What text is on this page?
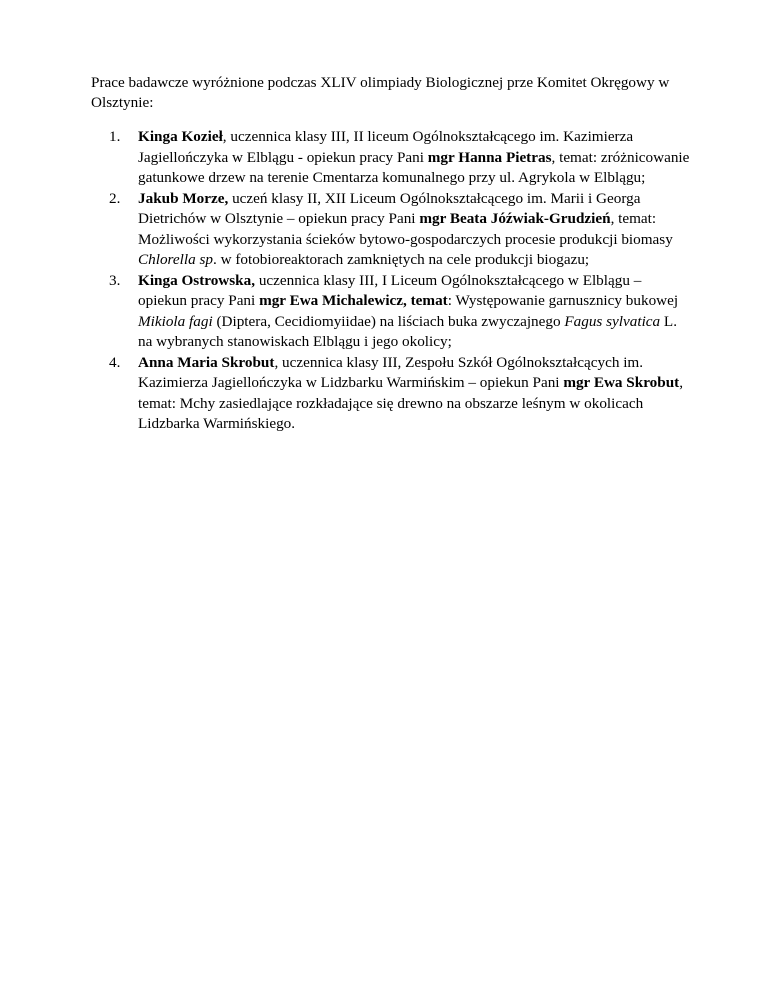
Prace badawcze wyróżnione podczas XLIV olimpiady Biologicznej prze Komitet Okręgowy w Olsztynie:

1. Kinga Kozieł, uczennica klasy III, II liceum Ogólnokształcącego im. Kazimierza Jagiellończyka w Elblągu - opiekun pracy Pani mgr Hanna Pietras, temat: zróżnicowanie gatunkowe drzew na terenie Cmentarza komunalnego przy ul. Agrykola w Elblągu;
2. Jakub Morze, uczeń klasy II, XII Liceum Ogólnokształcącego im. Marii i Georga Dietrichów w Olsztynie – opiekun pracy Pani mgr Beata Jóźwiak-Grudzień, temat: Możliwości wykorzystania ścieków bytowo-gospodarczych procesie produkcji biomasy Chlorella sp. w fotobioreaktorach zamkniętych na cele produkcji biogazu;
3. Kinga Ostrowska, uczennica klasy III, I Liceum Ogólnokształcącego w Elblągu – opiekun pracy Pani mgr Ewa Michalewicz, temat: Występowanie garnusznicy bukowej Mikiola fagi (Diptera, Cecidiomyiidae) na liściach buka zwyczajnego Fagus sylvatica L. na wybranych stanowiskach Elblągu i jego okolicy;
4. Anna Maria Skrobut, uczennica klasy III, Zespołu Szkół Ogólnokształcących im. Kazimierza Jagiellończyka w Lidzbarku Warmińskim – opiekun Pani mgr Ewa Skrobut, temat: Mchy zasiedlające rozkładające się drewno na obszarze leśnym w okolicach Lidzbarka Warmińskiego.
